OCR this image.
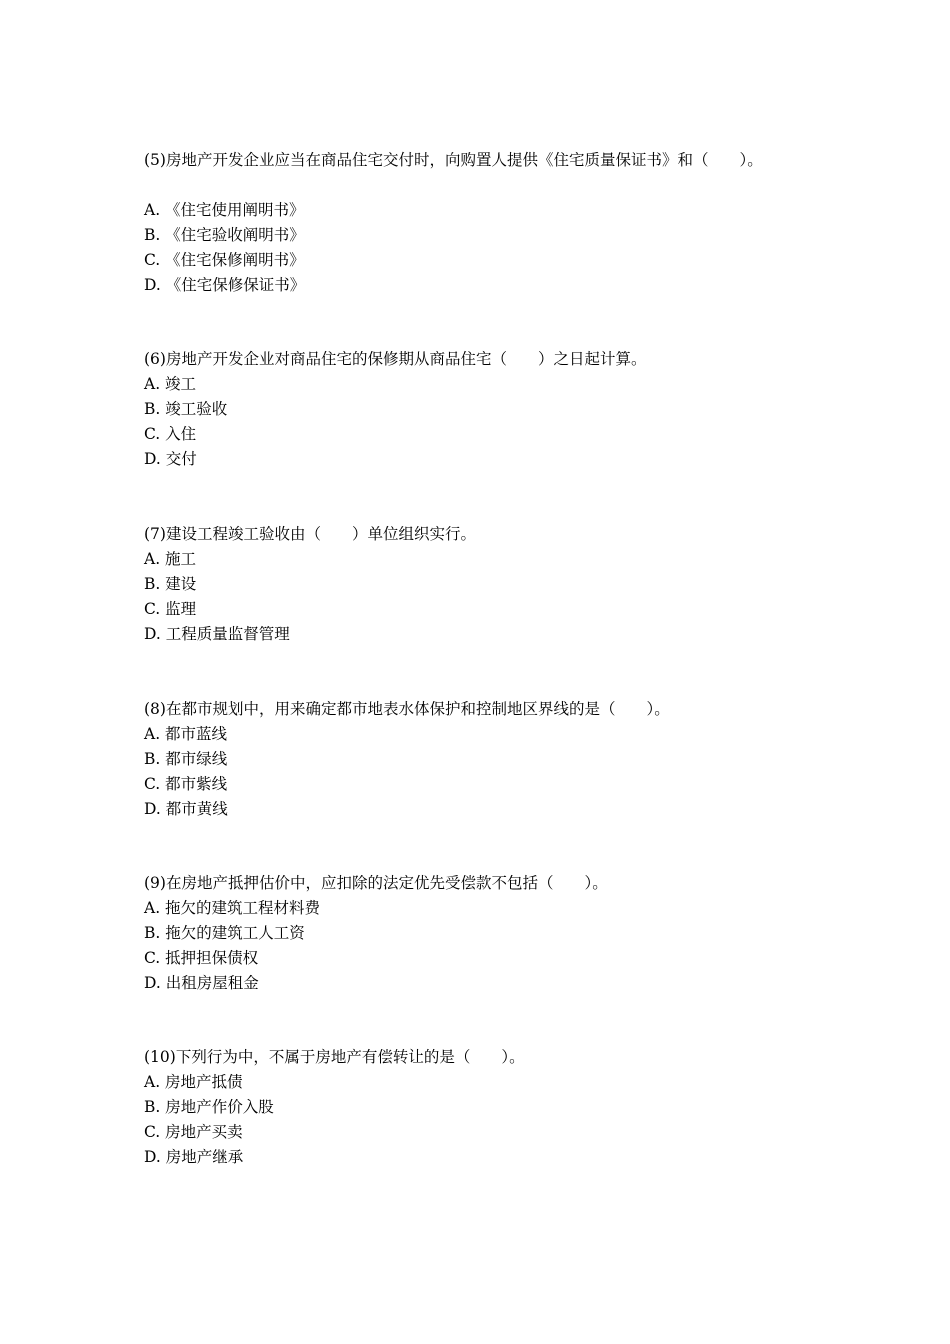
(5)房地产开发企业应当在商品住宅交付时，向购置人提供《住宅质量保证书》和（　　）。
A. 《住宅使用阐明书》
B. 《住宅验收阐明书》
C. 《住宅保修阐明书》
D. 《住宅保修保证书》
(6)房地产开发企业对商品住宅的保修期从商品住宅（　　）之日起计算。
A. 竣工
B. 竣工验收
C. 入住
D. 交付
(7)建设工程竣工验收由（　　）单位组织实行。
A. 施工
B. 建设
C. 监理
D. 工程质量监督管理
(8)在都市规划中，用来确定都市地表水体保护和控制地区界线的是（　　）。
A. 都市蓝线
B. 都市绿线
C. 都市紫线
D. 都市黄线
(9)在房地产抵押估价中，应扣除的法定优先受偿款不包括（　　）。
A. 拖欠的建筑工程材料费
B. 拖欠的建筑工人工资
C. 抵押担保债权
D. 出租房屋租金
(10)下列行为中，不属于房地产有偿转让的是（　　）。
A. 房地产抵债
B. 房地产作价入股
C. 房地产买卖
D. 房地产继承
